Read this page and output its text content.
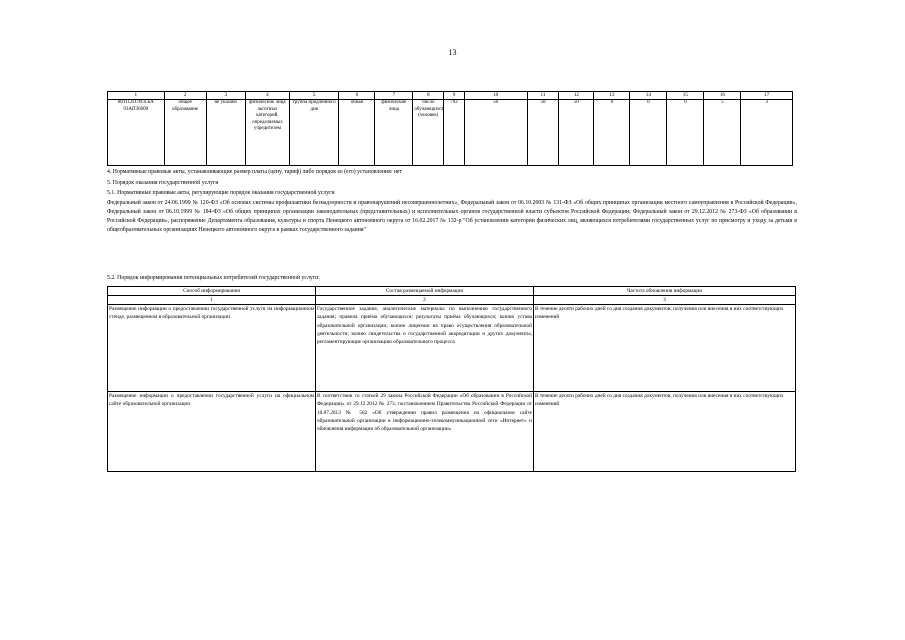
13
1	2	3	4	5	6	7	8	9	10	11	12	13	14	15	16	17
801112О.99.0.БА 93АП36000	общее образование	не указано	физические лица льготных категорий, определяемых учредителем	группа продленного дня	очная	физические лица	число обучающихся (человек)	792	50	50	50	0	0	0	5	3
4. Нормативные правовые акты, устанавливающие размер платы (цену, тариф) либо порядок ее (его) установления: нет
5. Порядок оказания государственной услуги
5.1. Нормативные правовые акты, регулирующие порядок оказания государственной услуги
Федеральный закон от 24.06.1999 № 120-ФЗ «Об основах системы профилактики безнадзорности и правонарушений несовершеннолетних», Федеральный закон от 06.10.2003 № 131-ФЗ «Об общих принципах организации местного самоуправления в Российской Федерации», Федеральный закон от 06.10.1999 № 184-ФЗ «Об общих принципах организации законодательных (представительных) и исполнительных органов государственной власти субъектов Российской Федерации; Федеральный закон от 29.12.2012 № 273-ФЗ «Об образовании в Российской Федерации», распоряжение Департамента образования, культуры и спорта Ненецкого автономного округа от 16.02.2017 № 132-р "Об установлении категории физических лиц, являющихся потребителями государственных услуг по присмотру и уходу за детьми в общеобразовательных организациях Ненецкого автономного округа в рамках государственного задания"
5.2. Порядок информирования потенциальных потребителей государственной услуги:
Способ информирования	Состав размещаемой информации	Частота обновления информации
1	2	3
Размещение информации о предоставлении государственной услуги на информационном стенде, размещенном в образовательной организации	Государственное задание, аналитические материалы по выполнению государственного задания; правила приёма обучающихся; результаты приёма обучающихся; копию устава образовательной организации; копию лицензии на право осуществления образовательной деятельности; копию свидетельства о государственной аккредитации и других документы, регламентирующие организацию образовательного процесса	В течение десяти рабочих дней со дня создания документов, получения или внесения в них соответствующих изменений
Размещение информации о предоставлении государственной услуги на официальном сайте образовательной организации	В соответствии со статьей 29 закона Российской Федерации «Об образовании в Российской Федерации» от 29.12.2012 № 273, постановлением Правительства Российской Федерации от 10.07.2013 № 582 «Об утверждении правил размещения на официальном сайте образовательной организации в информационно-телекоммуникационной сети «Интернет» и обновления информации об образовательной организации»	В течение десяти рабочих дней со дня создания документов, получения или внесения в них соответствующих изменений
